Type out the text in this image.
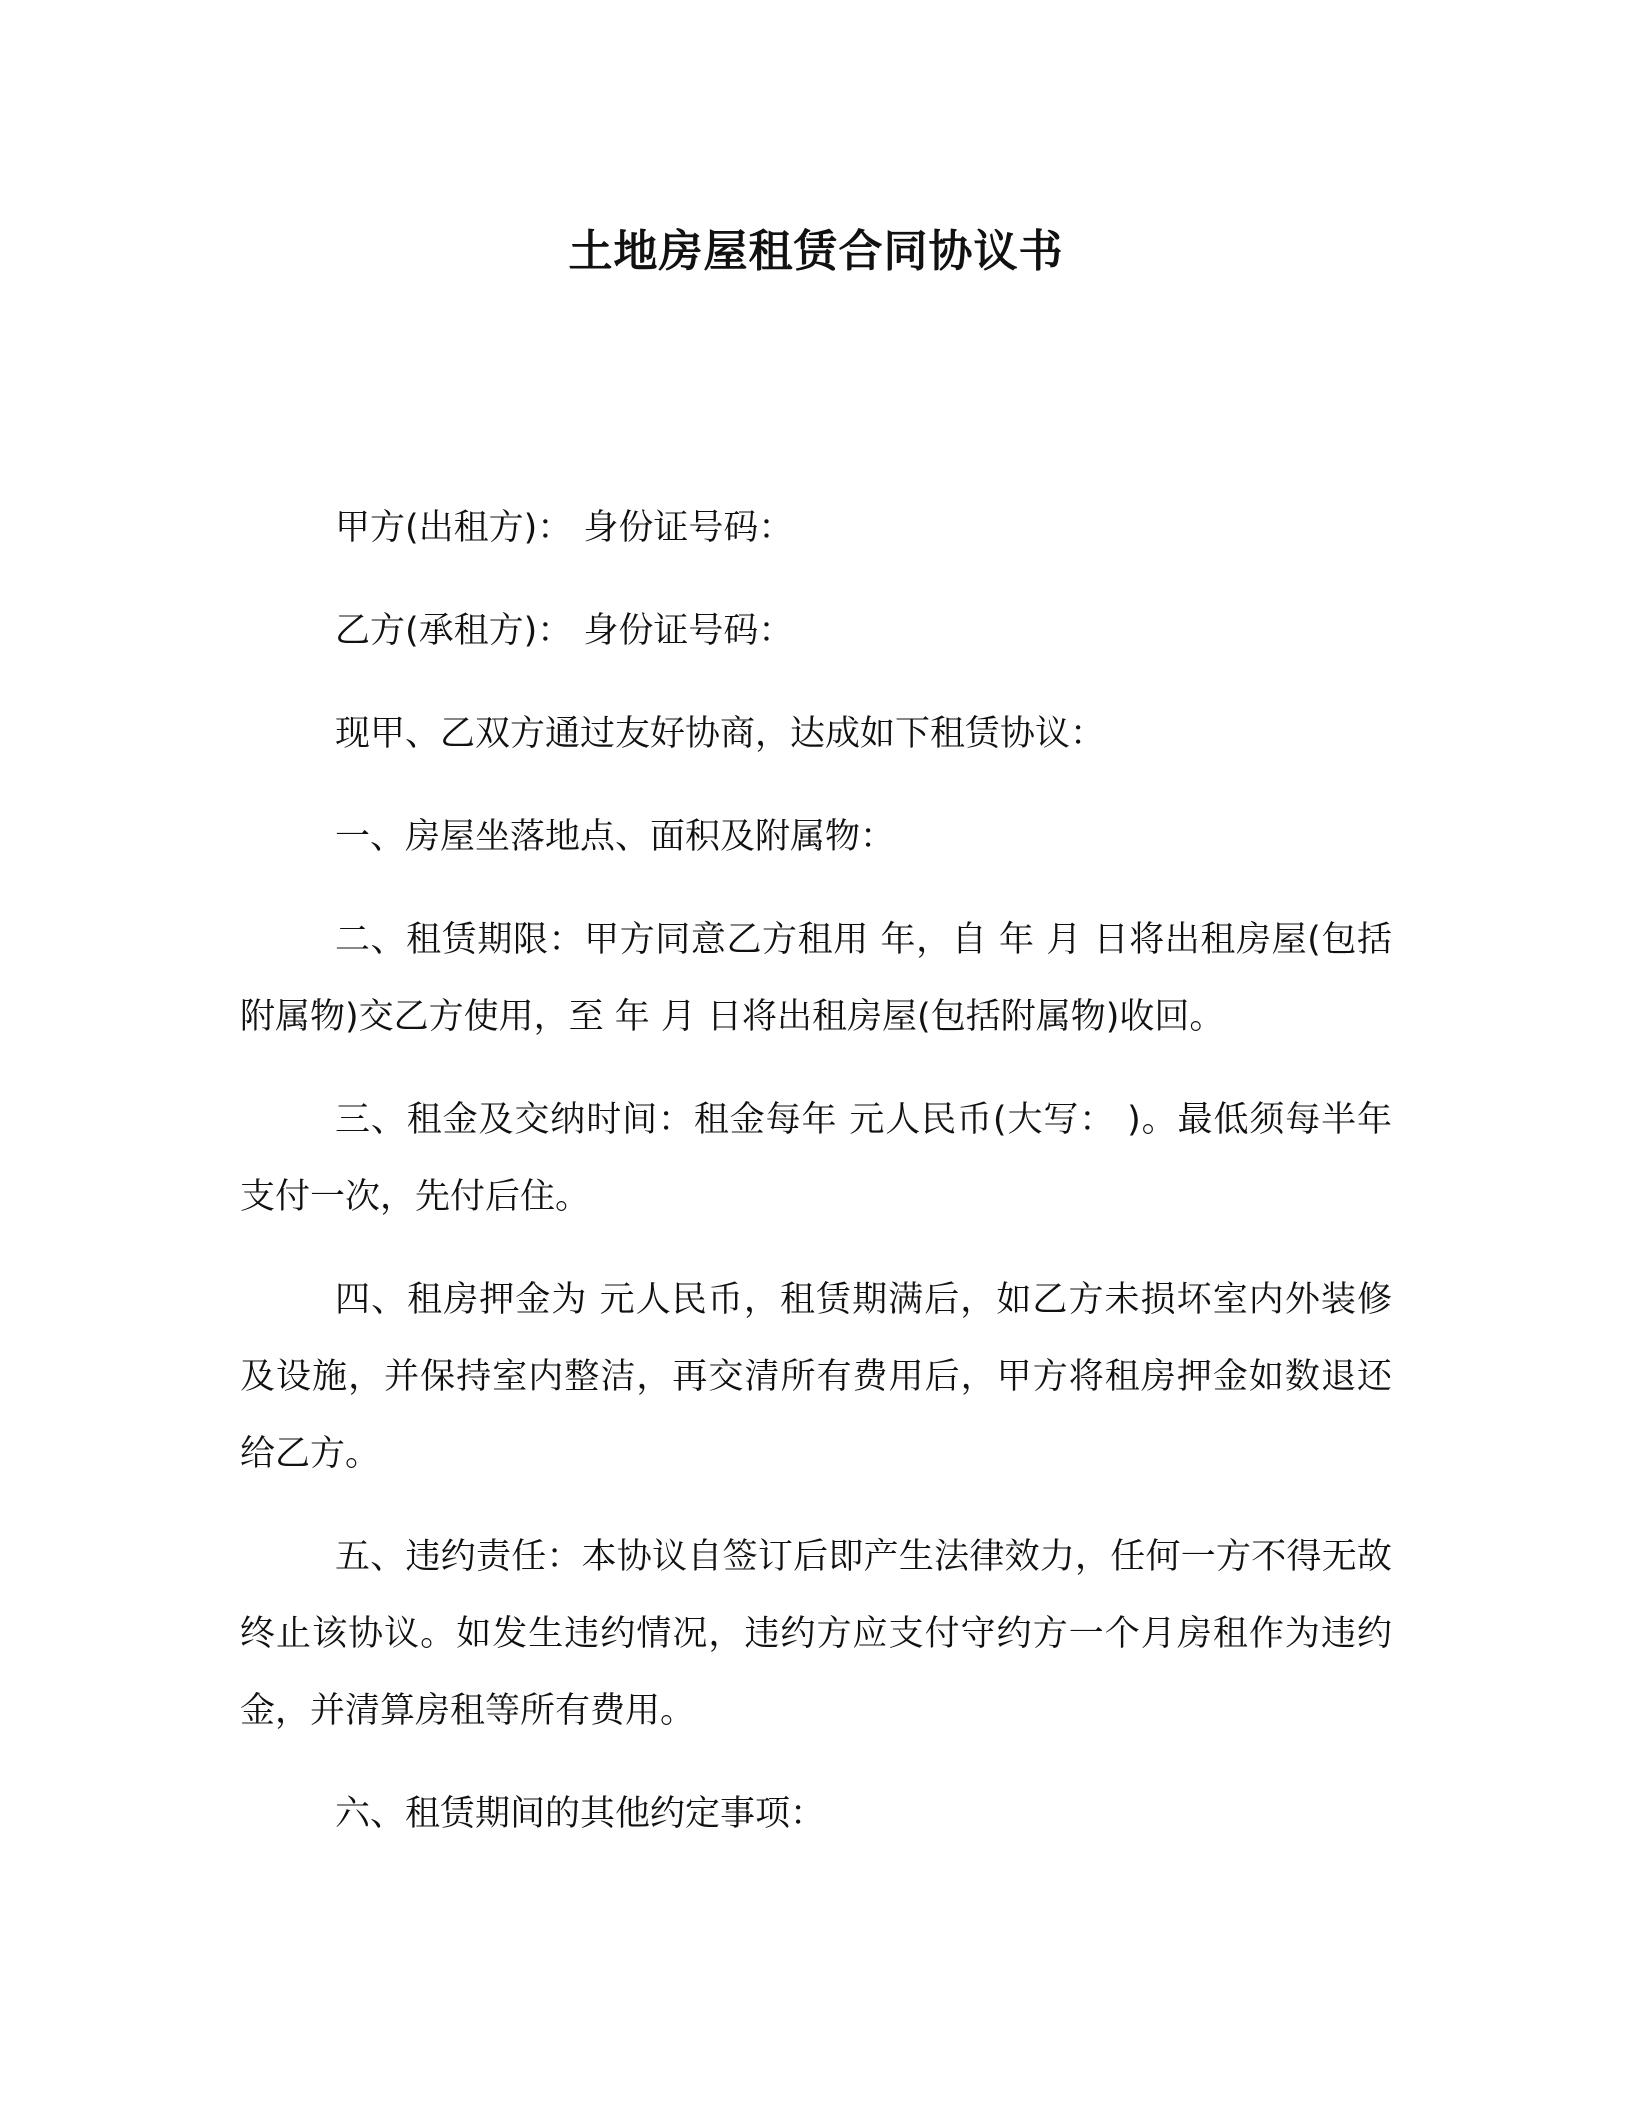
土地房屋租赁合同协议书

甲方(出租方)： 身份证号码：

乙方(承租方)： 身份证号码：

现甲、乙双方通过友好协商，达成如下租赁协议：

一、房屋坐落地点、面积及附属物：

二、租赁期限：甲方同意乙方租用 年，自 年 月 日将出租房屋(包括附属物)交乙方使用，至 年 月 日将出租房屋(包括附属物)收回。

三、租金及交纳时间：租金每年 元人民币(大写： )。最低须每半年支付一次，先付后住。

四、租房押金为 元人民币，租赁期满后，如乙方未损坏室内外装修及设施，并保持室内整洁，再交清所有费用后，甲方将租房押金如数退还给乙方。

五、违约责任：本协议自签订后即产生法律效力，任何一方不得无故终止该协议。如发生违约情况，违约方应支付守约方一个月房租作为违约金，并清算房租等所有费用。

六、租赁期间的其他约定事项：
